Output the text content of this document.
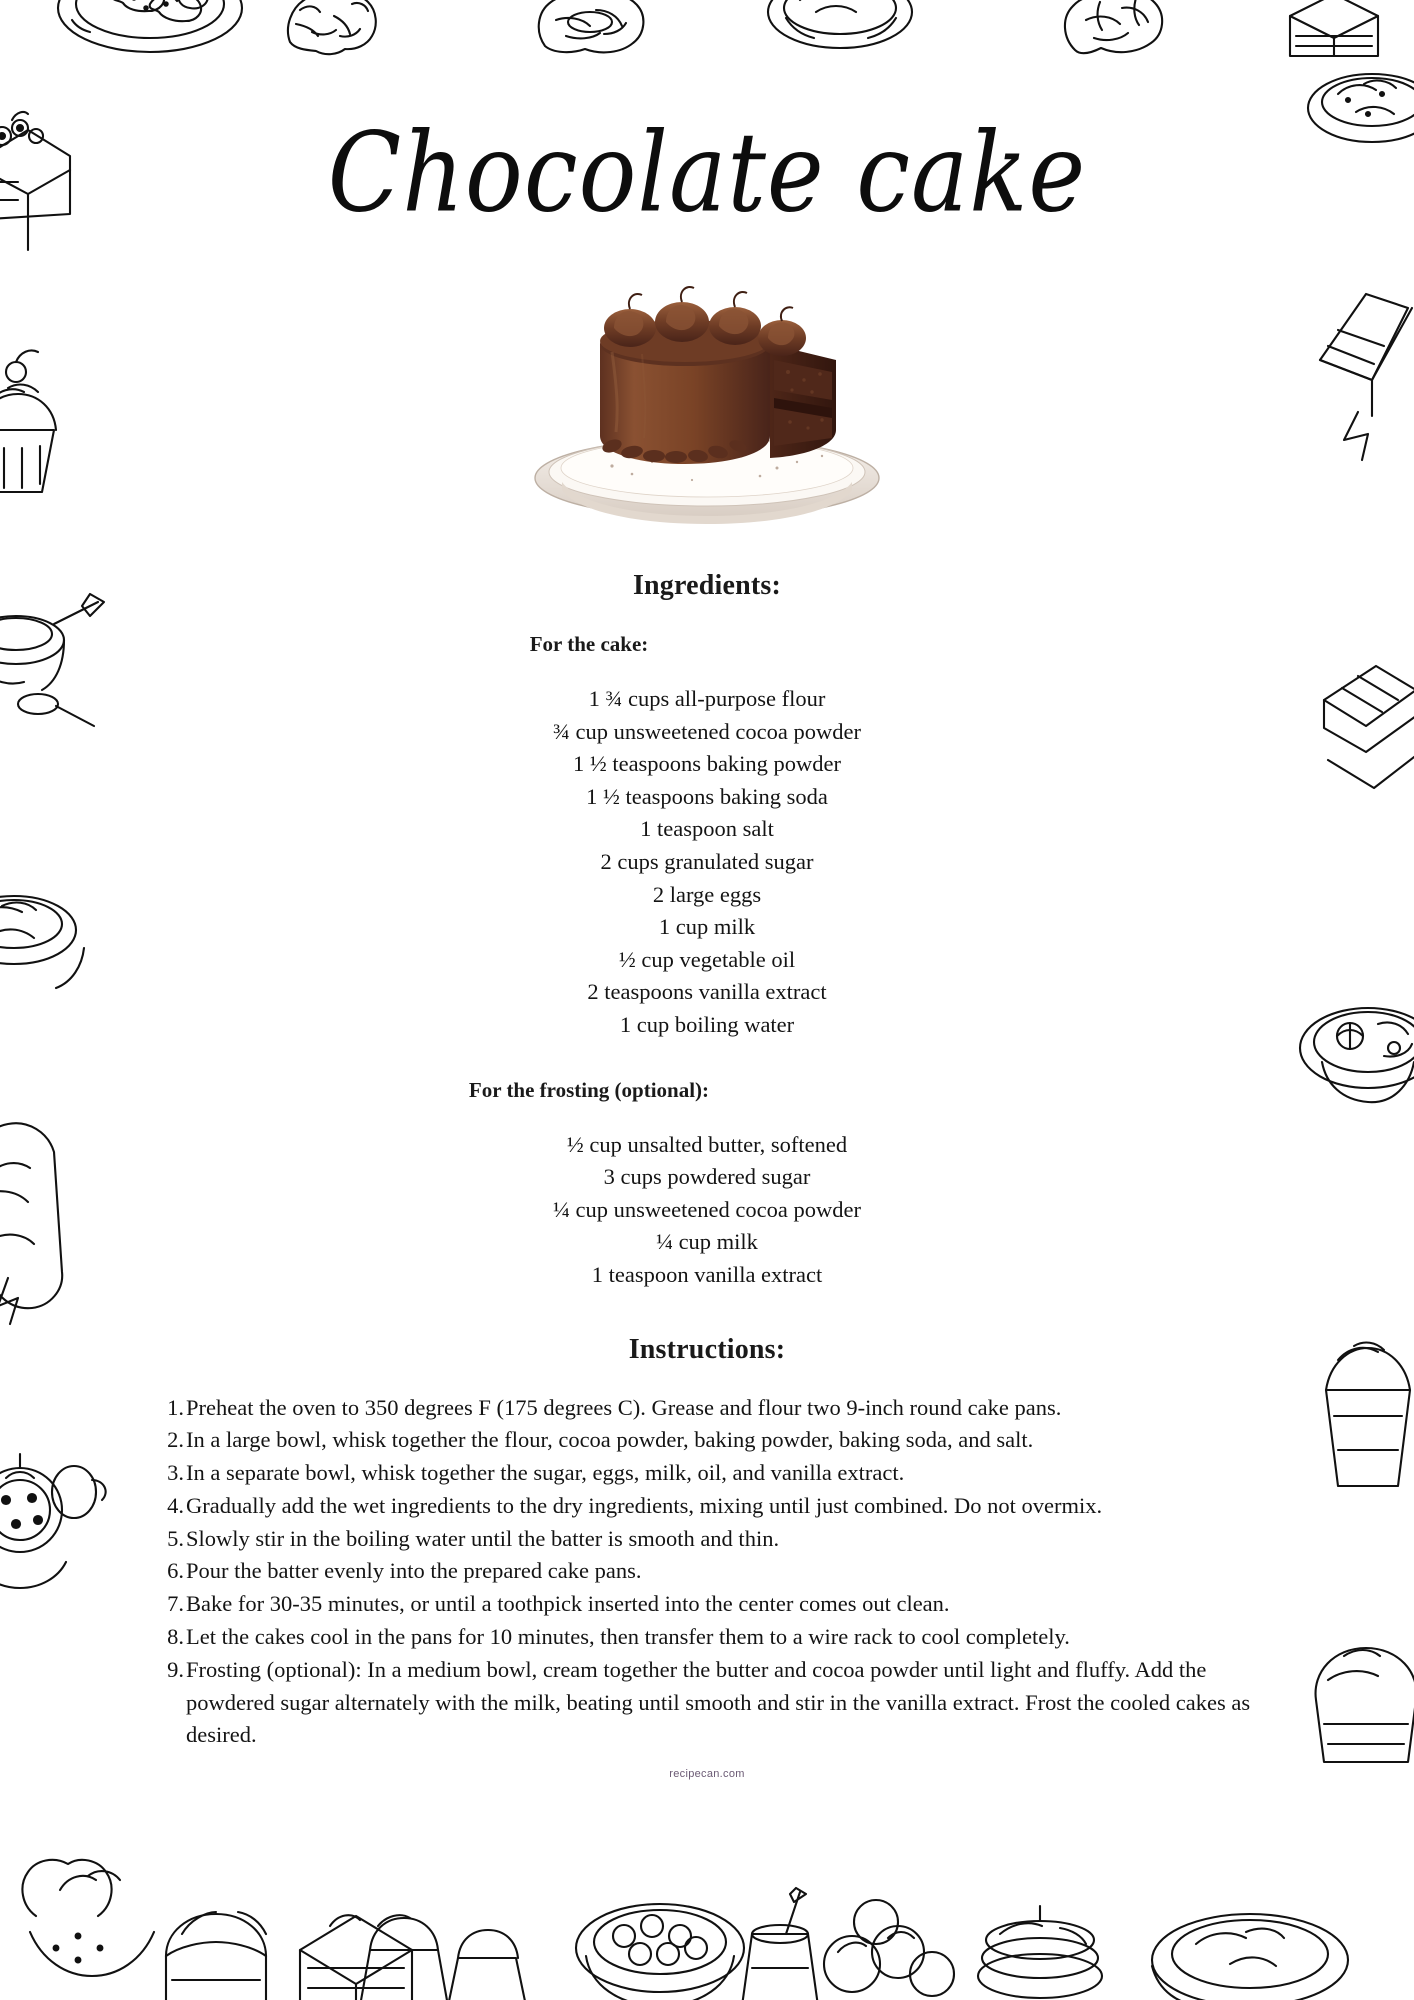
Chocolate cake
Ingredients:
For the cake:
1 ¾ cups all-purpose flour
¾ cup unsweetened cocoa powder
1 ½ teaspoons baking powder
1 ½ teaspoons baking soda
1 teaspoon salt
2 cups granulated sugar
2 large eggs
1 cup milk
½ cup vegetable oil
2 teaspoons vanilla extract
1 cup boiling water
For the frosting (optional):
½ cup unsalted butter, softened
3 cups powdered sugar
¼ cup unsweetened cocoa powder
¼ cup milk
1 teaspoon vanilla extract
Instructions:
Preheat the oven to 350 degrees F (175 degrees C). Grease and flour two 9-inch round cake pans.
In a large bowl, whisk together the flour, cocoa powder, baking powder, baking soda, and salt.
In a separate bowl, whisk together the sugar, eggs, milk, oil, and vanilla extract.
Gradually add the wet ingredients to the dry ingredients, mixing until just combined. Do not overmix.
Slowly stir in the boiling water until the batter is smooth and thin.
Pour the batter evenly into the prepared cake pans.
Bake for 30-35 minutes, or until a toothpick inserted into the center comes out clean.
Let the cakes cool in the pans for 10 minutes, then transfer them to a wire rack to cool completely.
Frosting (optional): In a medium bowl, cream together the butter and cocoa powder until light and fluffy. Add the powdered sugar alternately with the milk, beating until smooth and stir in the vanilla extract. Frost the cooled cakes as desired.
recipecan.com
